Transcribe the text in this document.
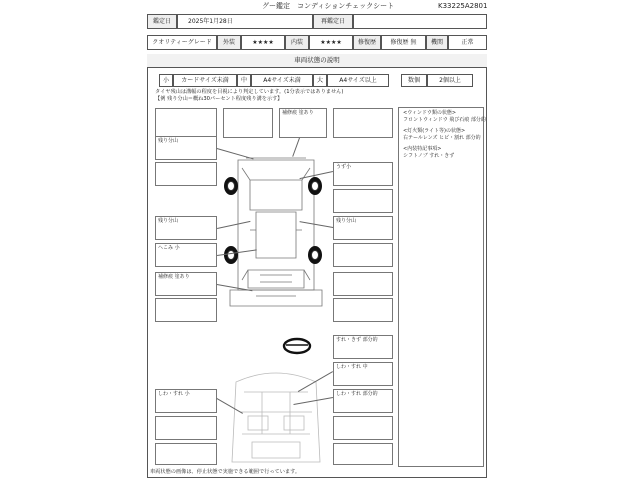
グー鑑定　コンディションチェックシート	K33225A2801
鑑定日	2025年1月28日	再鑑定日
クオリティーグレード 外装	★★★★	内装	★★★★	修復歴 修復歴 無 機関	正常
車両状態の説明
小 カードサイズ未満 中	A4サイズ未満	大	A4サイズ以上	数個	2個以上
タイヤ残山は溝幅の程度を目視により判定しています。(1分表示ではありません)
【例 残り分山＝概ね30パーセント程度残り溝を示す】
<ウィンドウ類の状態>
フロントウィンドウ 飛び石痕 部分的
<灯火類(ライト等)の状態>
右テールレンズ ヒビ・割れ 部分的
<内装特記事項>
シフトノブ すれ・きず
補修痕 塗あり
残り分山
残り分山
へこみ 小
補修痕 塗あり
うず小
残り分山
すれ・きず 部分的
しわ・すれ 中
しわ・すれ 小	しわ・すれ 部分的
車両状態の画像は、停止状態で実施できる範囲で行っています。
